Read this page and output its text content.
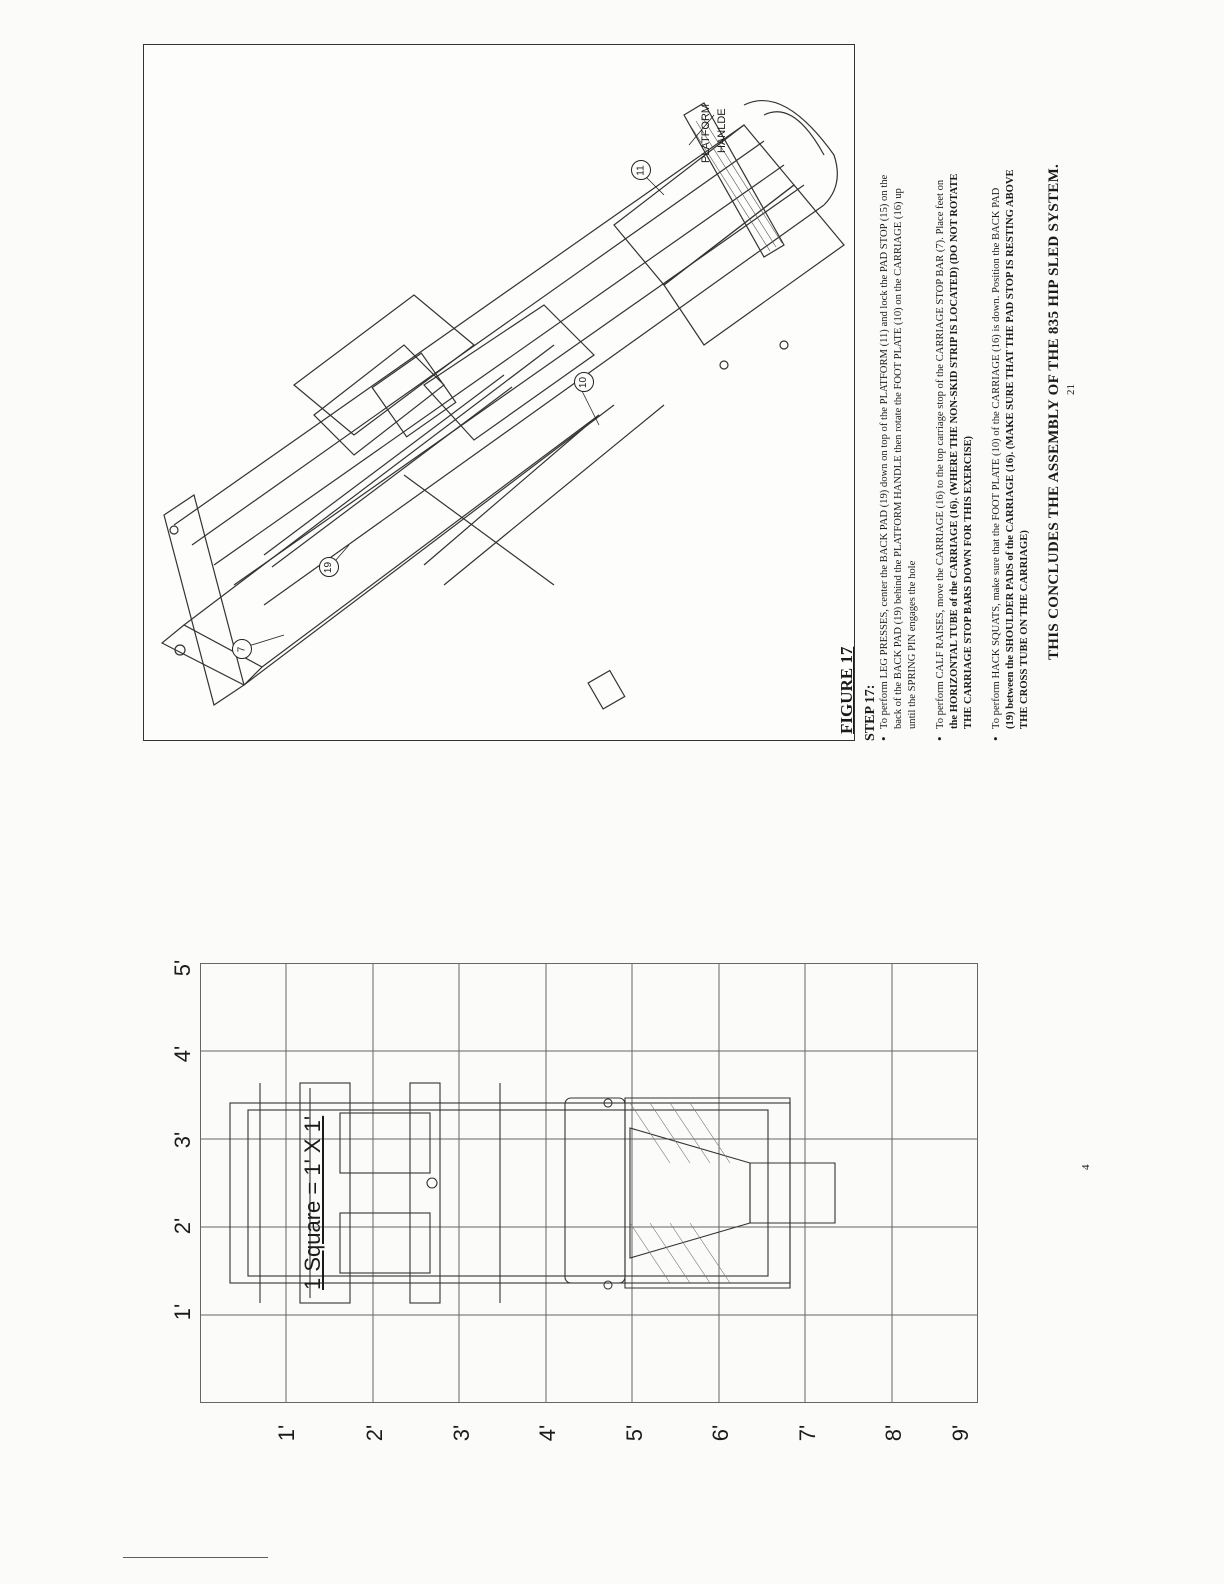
7
19
10
11
PLATFORM HANLDE
FIGURE 17 STEP 17:
•
To perform LEG PRESSES, center the BACK PAD (19) down on top of the PLATFORM (11) and lock the PAD STOP (15) on the back of the BACK PAD (19) behind the PLATFORM HANDLE then rotate the FOOT PLATE (10) on the CARRIAGE (16) up until the SPRING PIN engages the hole
•
To perform CALF RAISES, move the CARRIAGE (16) to the top carriage stop of the CARRIAGE STOP BAR (7). Place feet on the HORIZONTAL TUBE of the CARRIAGE (16). (WHERE THE NON-SKID STRIP IS LOCATED) (DO NOT ROTATE THE CARRIAGE STOP BARS DOWN FOR THIS EXERCISE)
•
To perform HACK SQUATS, make sure that the FOOT PLATE (10) of the CARRIAGE (16) is down. Position the BACK PAD (19) between the SHOULDER PADS of the CARRIAGE (16). (MAKE SURE THAT THE PAD STOP IS RESTING ABOVE THE CROSS TUBE ON THE CARRIAGE) THIS CONCLUDES THE ASSEMBLY OF THE 835 HIP SLED SYSTEM. 21
1'
2'
3'
4'
5'
1'	2'	3'	4'	5'	6'	7'	8' 9'
1 Square = 1' X 1'	4
